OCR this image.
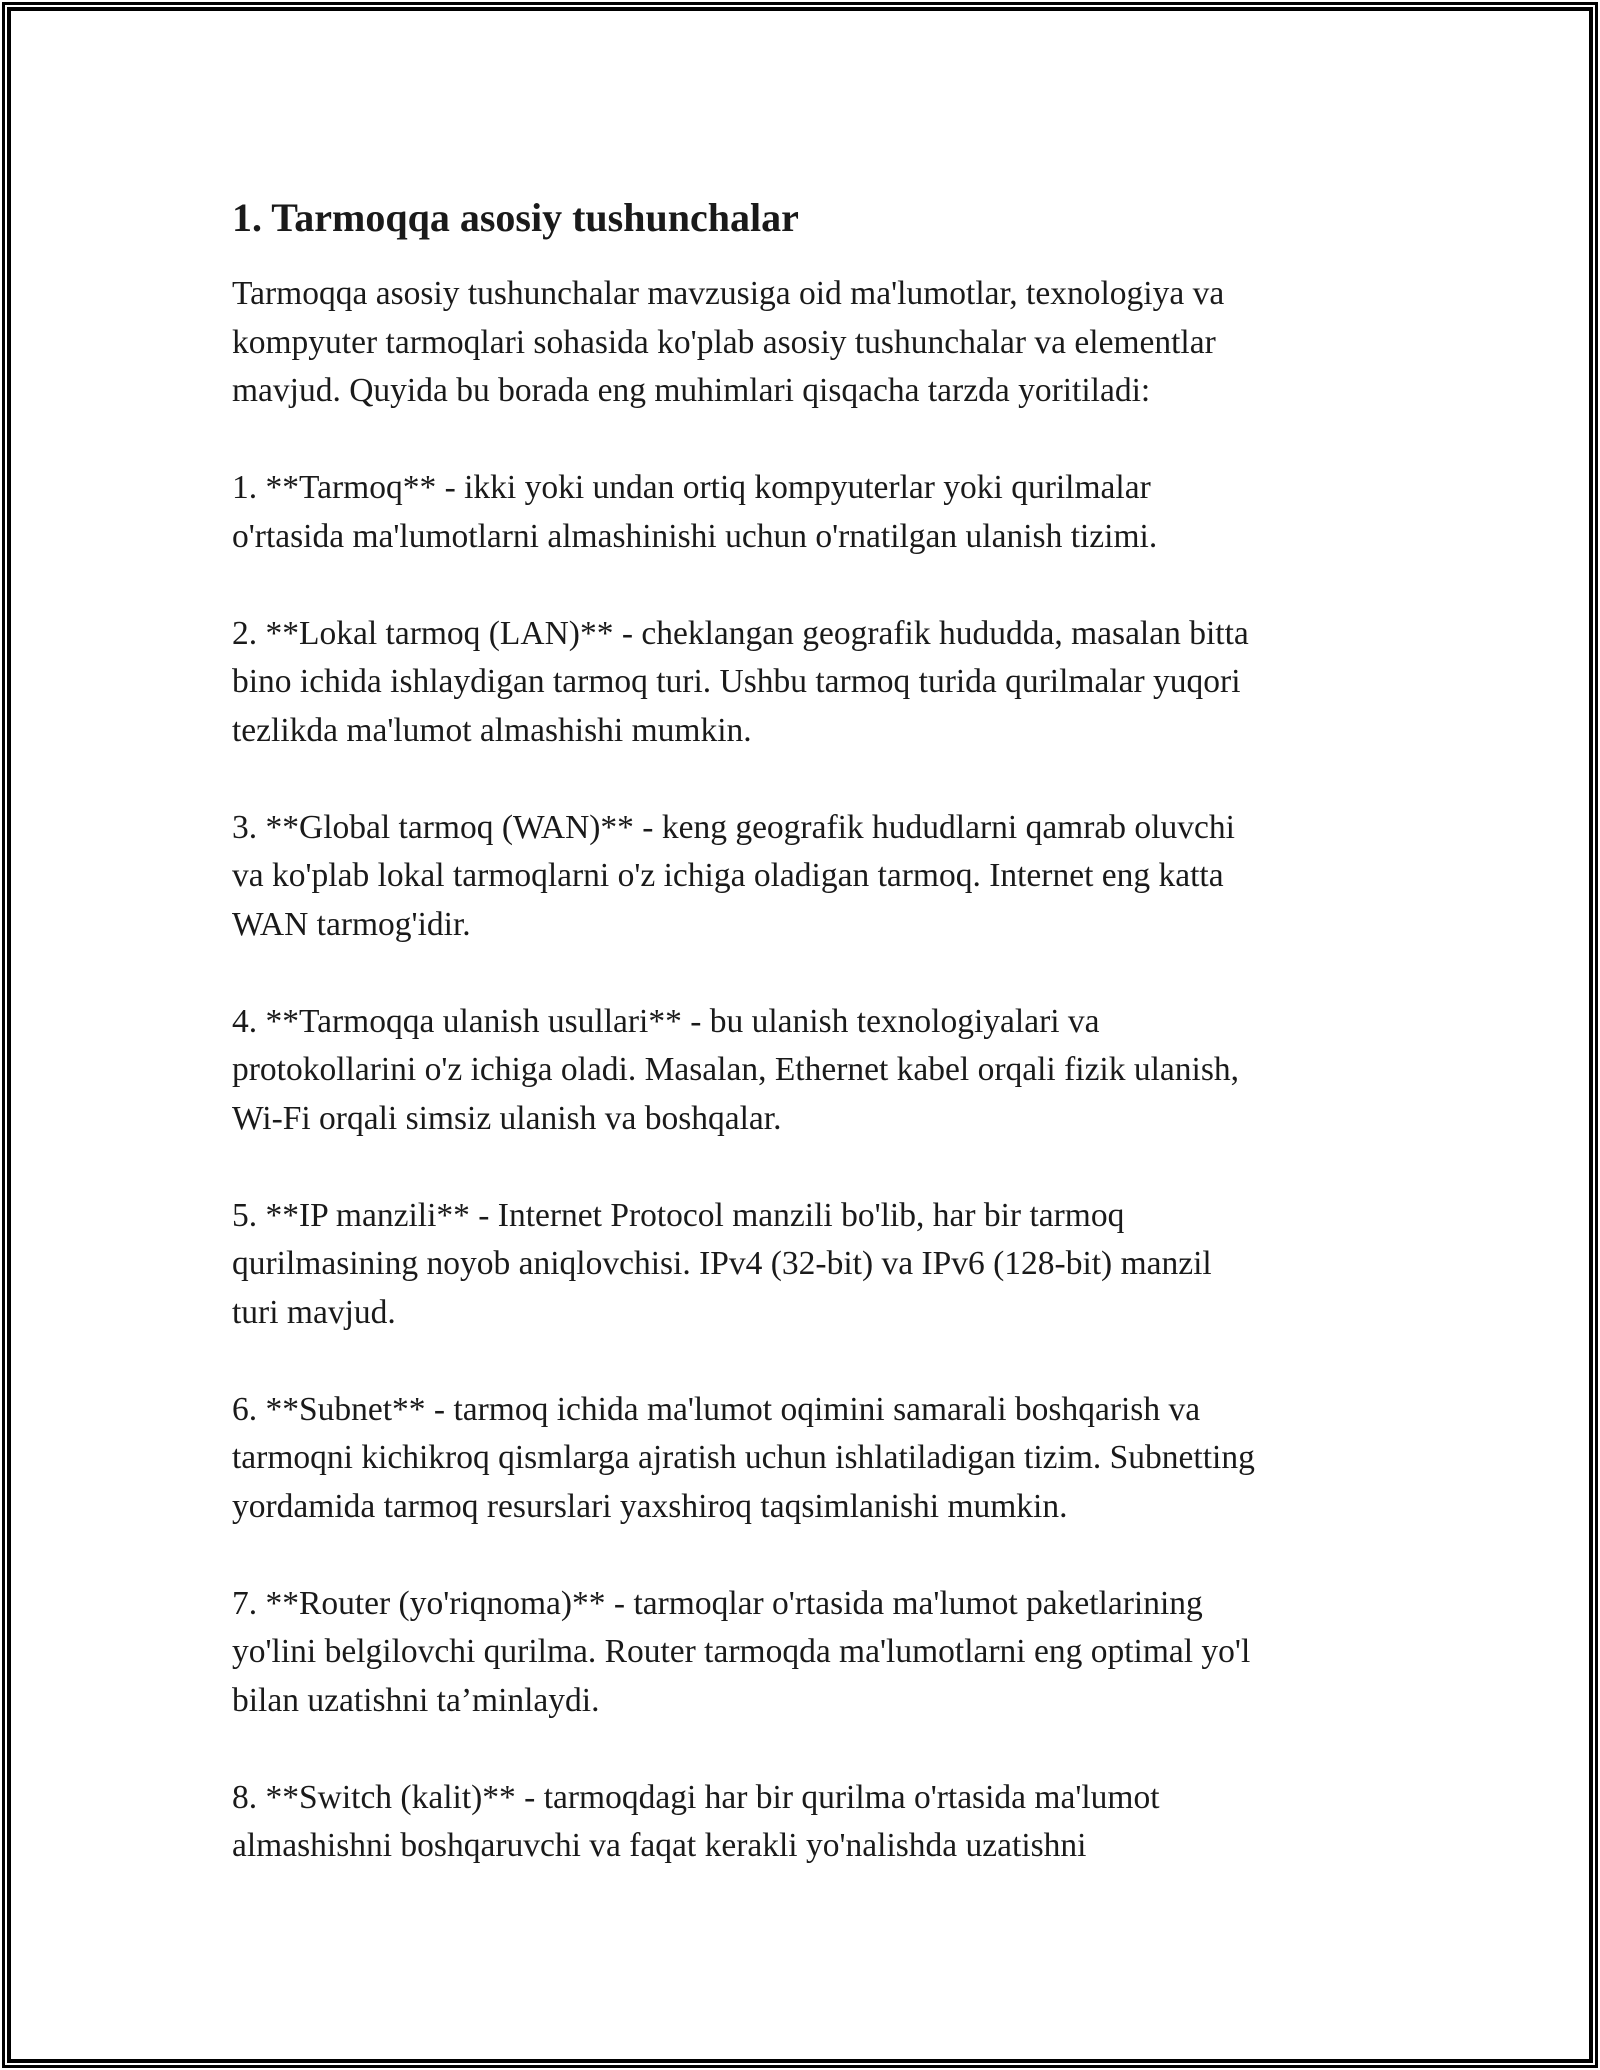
1. Tarmoqqa asosiy tushunchalar
Tarmoqqa asosiy tushunchalar mavzusiga oid ma'lumotlar, texnologiya va
kompyuter tarmoqlari sohasida ko'plab asosiy tushunchalar va elementlar
mavjud. Quyida bu borada eng muhimlari qisqacha tarzda yoritiladi:
1. **Tarmoq** - ikki yoki undan ortiq kompyuterlar yoki qurilmalar
o'rtasida ma'lumotlarni almashinishi uchun o'rnatilgan ulanish tizimi.
2. **Lokal tarmoq (LAN)** - cheklangan geografik hududda, masalan bitta
bino ichida ishlaydigan tarmoq turi. Ushbu tarmoq turida qurilmalar yuqori
tezlikda ma'lumot almashishi mumkin.
3. **Global tarmoq (WAN)** - keng geografik hududlarni qamrab oluvchi
va ko'plab lokal tarmoqlarni o'z ichiga oladigan tarmoq. Internet eng katta
WAN tarmog'idir.
4. **Tarmoqqa ulanish usullari** - bu ulanish texnologiyalari va
protokollarini o'z ichiga oladi. Masalan, Ethernet kabel orqali fizik ulanish,
Wi-Fi orqali simsiz ulanish va boshqalar.
5. **IP manzili** - Internet Protocol manzili bo'lib, har bir tarmoq
qurilmasining noyob aniqlovchisi. IPv4 (32-bit) va IPv6 (128-bit) manzil
turi mavjud.
6. **Subnet** - tarmoq ichida ma'lumot oqimini samarali boshqarish va
tarmoqni kichikroq qismlarga ajratish uchun ishlatiladigan tizim. Subnetting
yordamida tarmoq resurslari yaxshiroq taqsimlanishi mumkin.
7. **Router (yo'riqnoma)** - tarmoqlar o'rtasida ma'lumot paketlarining
yo'lini belgilovchi qurilma. Router tarmoqda ma'lumotlarni eng optimal yo'l
bilan uzatishni ta’minlaydi.
8. **Switch (kalit)** - tarmoqdagi har bir qurilma o'rtasida ma'lumot
almashishni boshqaruvchi va faqat kerakli yo'nalishda uzatishni
